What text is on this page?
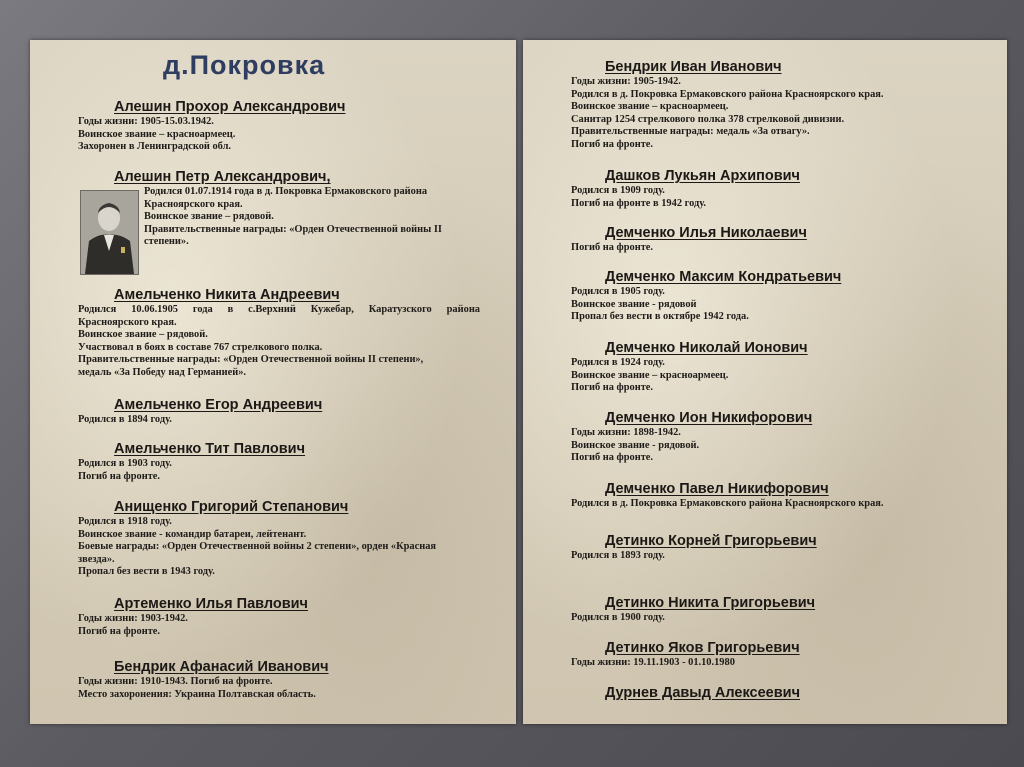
д.Покровка

Алешин Прохор Александрович

Годы жизни: 1905-15.03.1942.

Воинское звание – красноармеец.

Захоронен в Ленинградской обл.

Алешин Петр Александрович,

Родился 01.07.1914 года в д. Покровка Ермаковского района

Красноярского края.

Воинское звание – рядовой.

Правительственные награды: «Орден Отечественной войны II

степени».

Амельченко Никита Андреевич

Родился 10.06.1905 года в с.Верхний Кужебар, Каратузского района

Красноярского края.

Воинское звание – рядовой.

Участвовал в боях в составе 767 стрелкового полка.

Правительственные награды: «Орден Отечественной войны II степени»,

медаль «За Победу над Германией».

Амельченко Егор Андреевич

Родился в 1894 году.

Амельченко Тит Павлович

Родился в 1903 году.

Погиб на фронте.

Анищенко Григорий Степанович

Родился в 1918 году.

Воинское звание - командир батареи, лейтенант.

Боевые награды: «Орден Отечественной войны 2 степени», орден «Красная

звезда».

Пропал без вести в 1943 году.

Артеменко Илья Павлович

Годы жизни: 1903-1942.

Погиб на фронте.

Бендрик Афанасий Иванович

Годы жизни: 1910-1943. Погиб на фронте.

Место захоронения: Украина Полтавская область.

Бендрик Иван Иванович

Годы жизни: 1905-1942.

Родился в д. Покровка Ермаковского района Красноярского края.

Воинское звание – красноармеец.

Санитар 1254 стрелкового полка 378 стрелковой дивизии.

Правительственные награды: медаль «За отвагу».

Погиб на фронте.

Дашков Лукьян Архипович

Родился в 1909 году.

Погиб на фронте в 1942 году.

Демченко Илья Николаевич

Погиб на фронте.

Демченко Максим Кондратьевич

Родился в 1905 году.

Воинское звание - рядовой

Пропал без вести в октябре 1942 года.

Демченко Николай Ионович

Родился в 1924 году.

Воинское звание – красноармеец.

Погиб на фронте.

Демченко Ион Никифорович

Годы жизни: 1898-1942.

Воинское звание - рядовой.

Погиб на фронте.

Демченко Павел Никифорович

Родился в д. Покровка Ермаковского района Красноярского края.

Детинко Корней Григорьевич

Родился в 1893 году.

Детинко Никита Григорьевич

Родился в 1900 году.

Детинко Яков Григорьевич

Годы жизни: 19.11.1903 - 01.10.1980

Дурнев Давыд Алексеевич
